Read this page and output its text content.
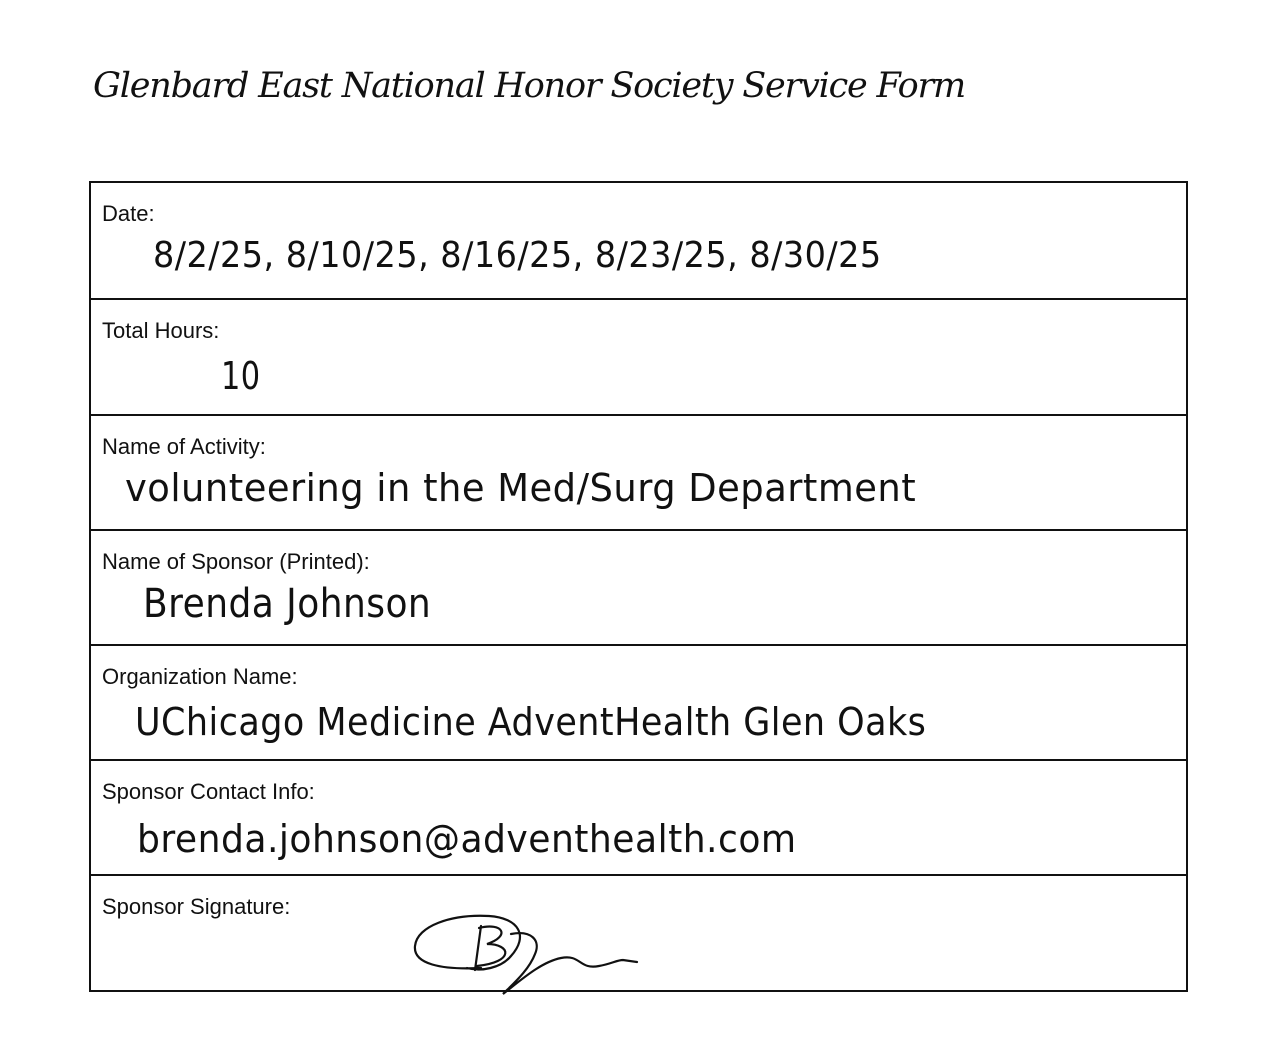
Glenbard East National Honor Society Service Form
Date:
8/2/25, 8/10/25, 8/16/25, 8/23/25, 8/30/25
Total Hours:
10
Name of Activity:
volunteering in the Med/Surg Department
Name of Sponsor (Printed):
Brenda Johnson
Organization Name:
UChicago Medicine AdventHealth Glen Oaks
Sponsor Contact Info:
brenda.johnson@adventhealth.com
Sponsor Signature:
